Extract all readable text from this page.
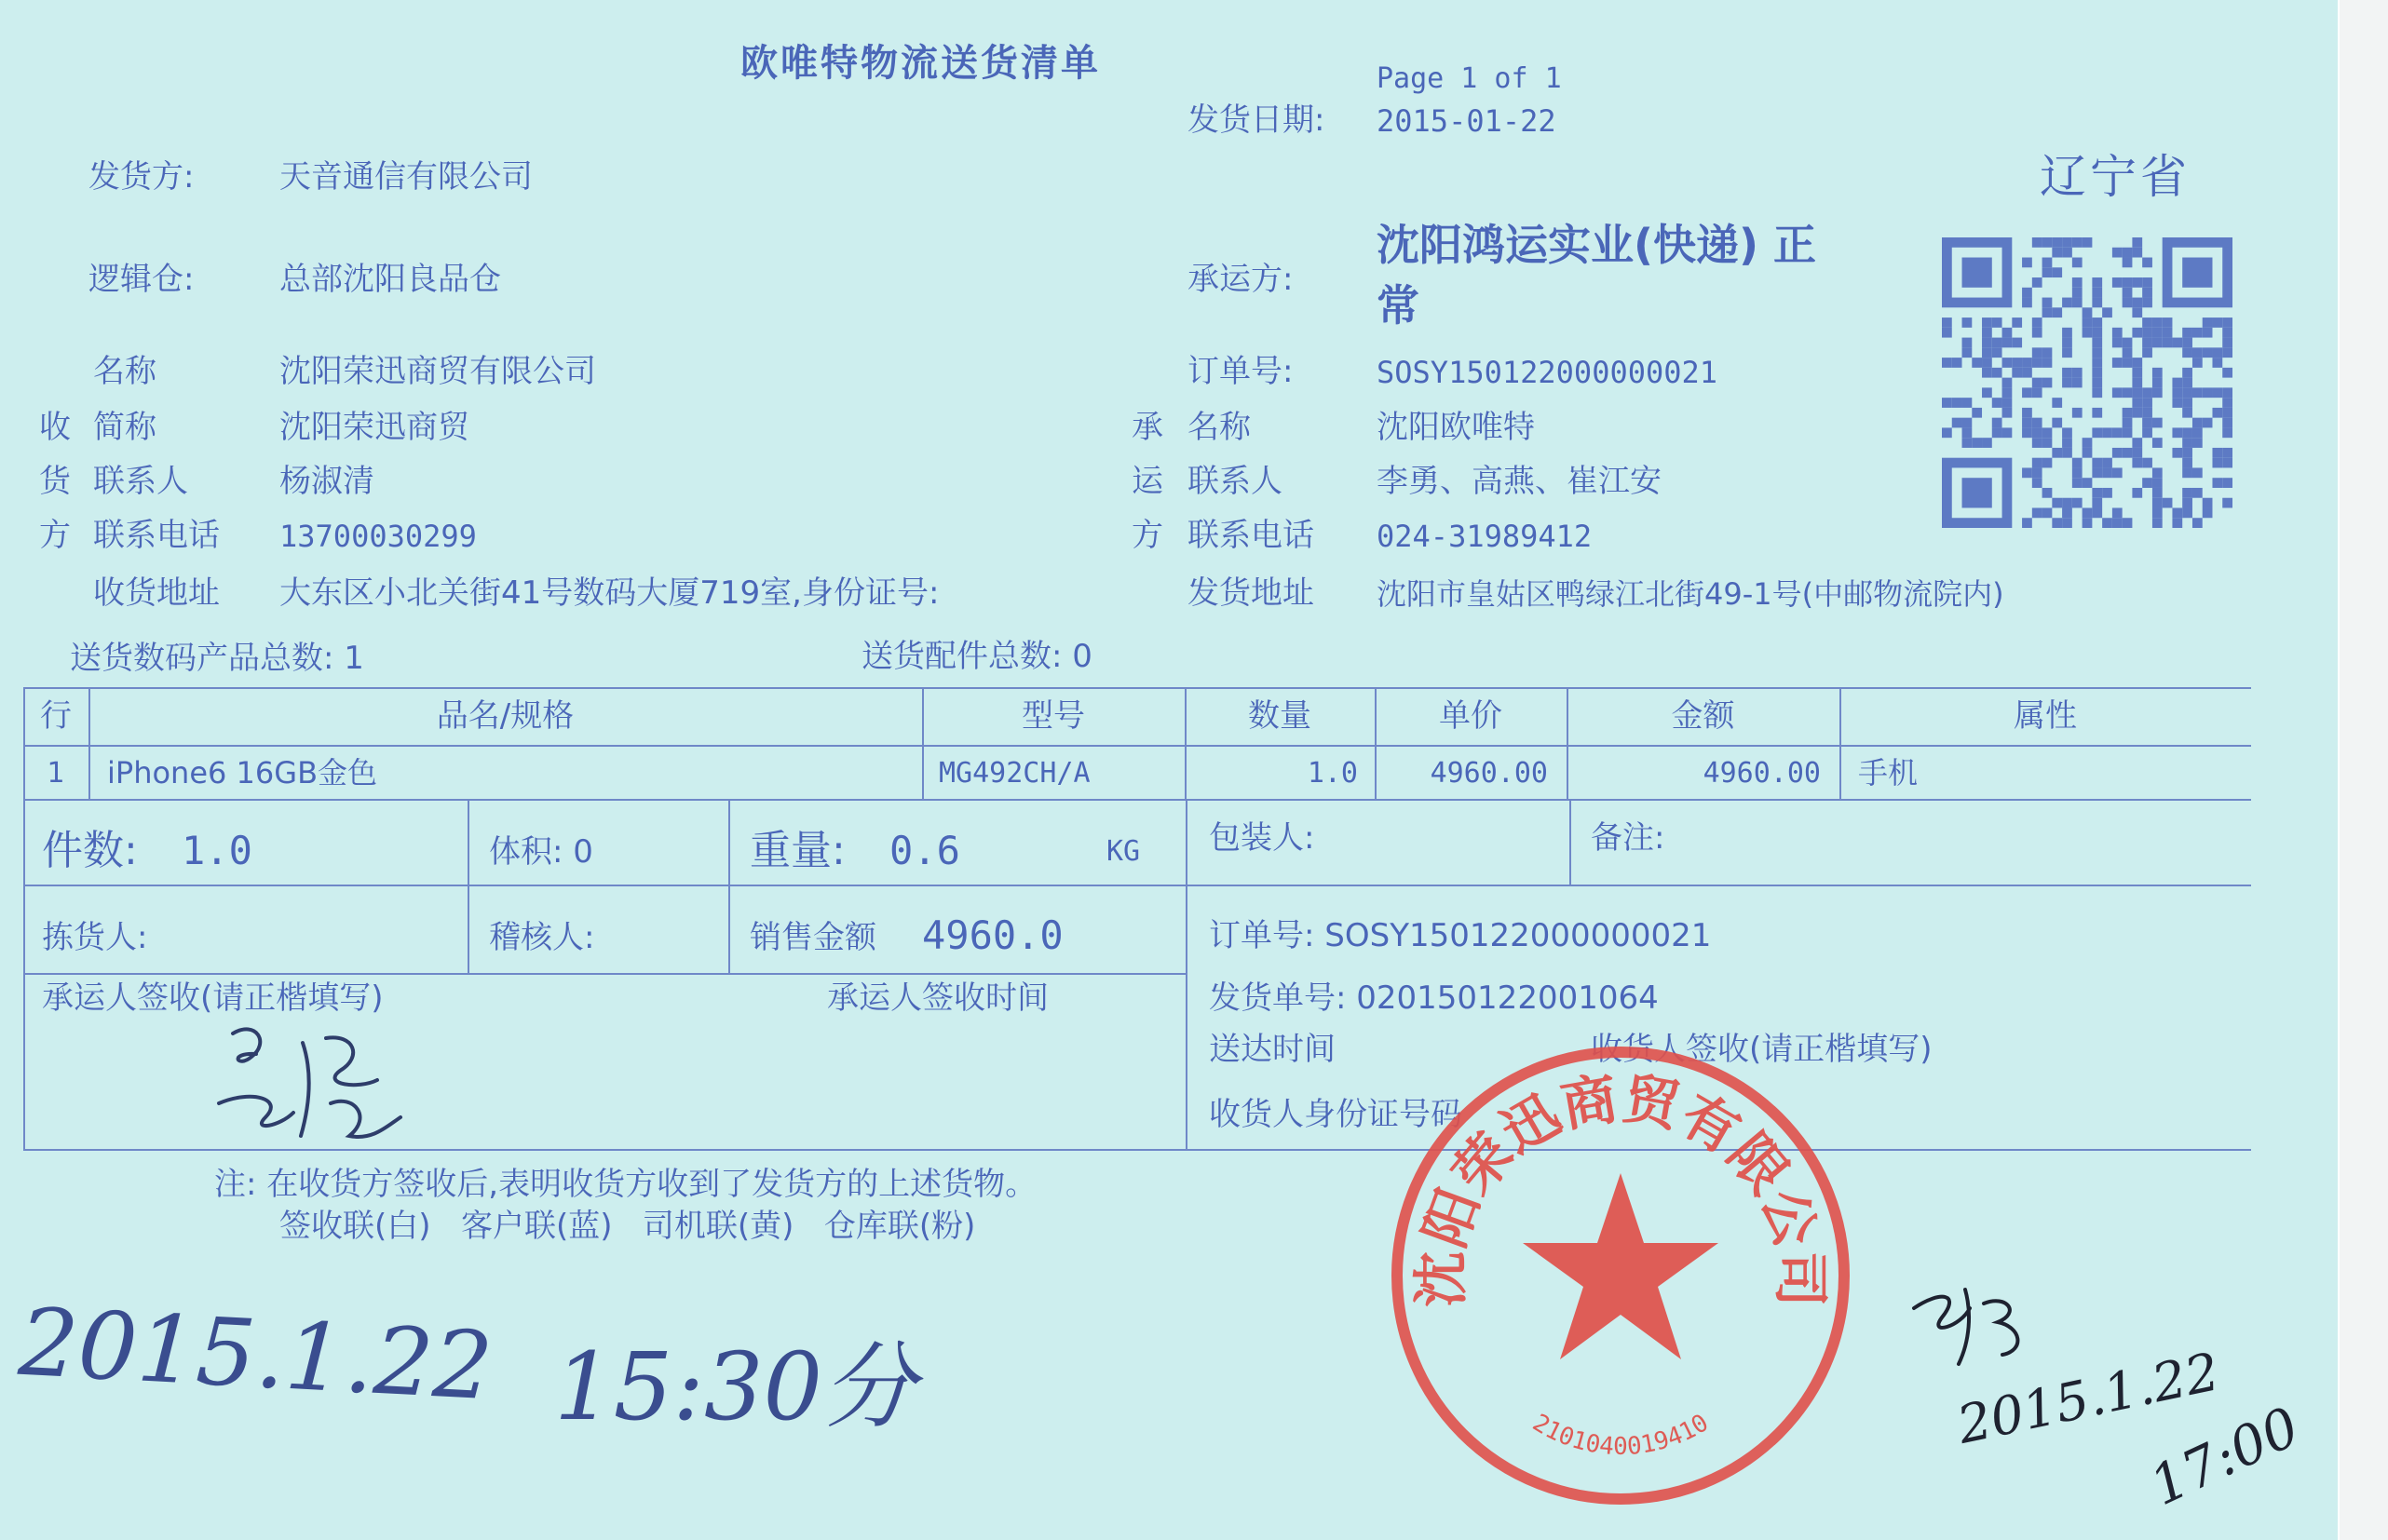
欧唯特物流送货清单	Page 1 of 1
发货日期: 2015-01-22
辽宁省
发货方:	天音通信有限公司
逻辑仓:	总部沈阳良品仓	承运方:
沈阳鸿运实业(快递) 正
常
订单号:	SOSY150122000000021
收
货
方
名称	沈阳荣迅商贸有限公司
简称	沈阳荣迅商贸
联系人	杨淑清
联系电话 13700030299
收货地址 大东区小北关街41号数码大厦719室,身份证号:
承
运
方
名称	沈阳欧唯特
联系人	李勇、高燕、崔江安
联系电话 024-31989412
发货地址 沈阳市皇姑区鸭绿江北街49-1号(中邮物流院内)
送货数码产品总数: 1	送货配件总数: 0
行	品名/规格	型号	数量	单价	金额	属性
1	iPhone6 16GB金色	MG492CH/A	1.0	4960.00	4960.00 手机
件数: 1.0	体积: 0	重量: 0.6	KG 包装人:	备注:
拣货人:	稽核人:	销售金额 4960.0	订单号: SOSY150122000000021
承运人签收(请正楷填写)	承运人签收时间	发货单号: 020150122001064
送达时间	收货人签收(请正楷填写)
收货人身份证号码
注: 在收货方签收后,表明收货方收到了发货方的上述货物。
签收联(白)   客户联(蓝)   司机联(黄)   仓库联(粉)
2015.1.22 15:30分	2015.1.22
17:00
沈阳荣迅商贸有限公司
2101040019410
